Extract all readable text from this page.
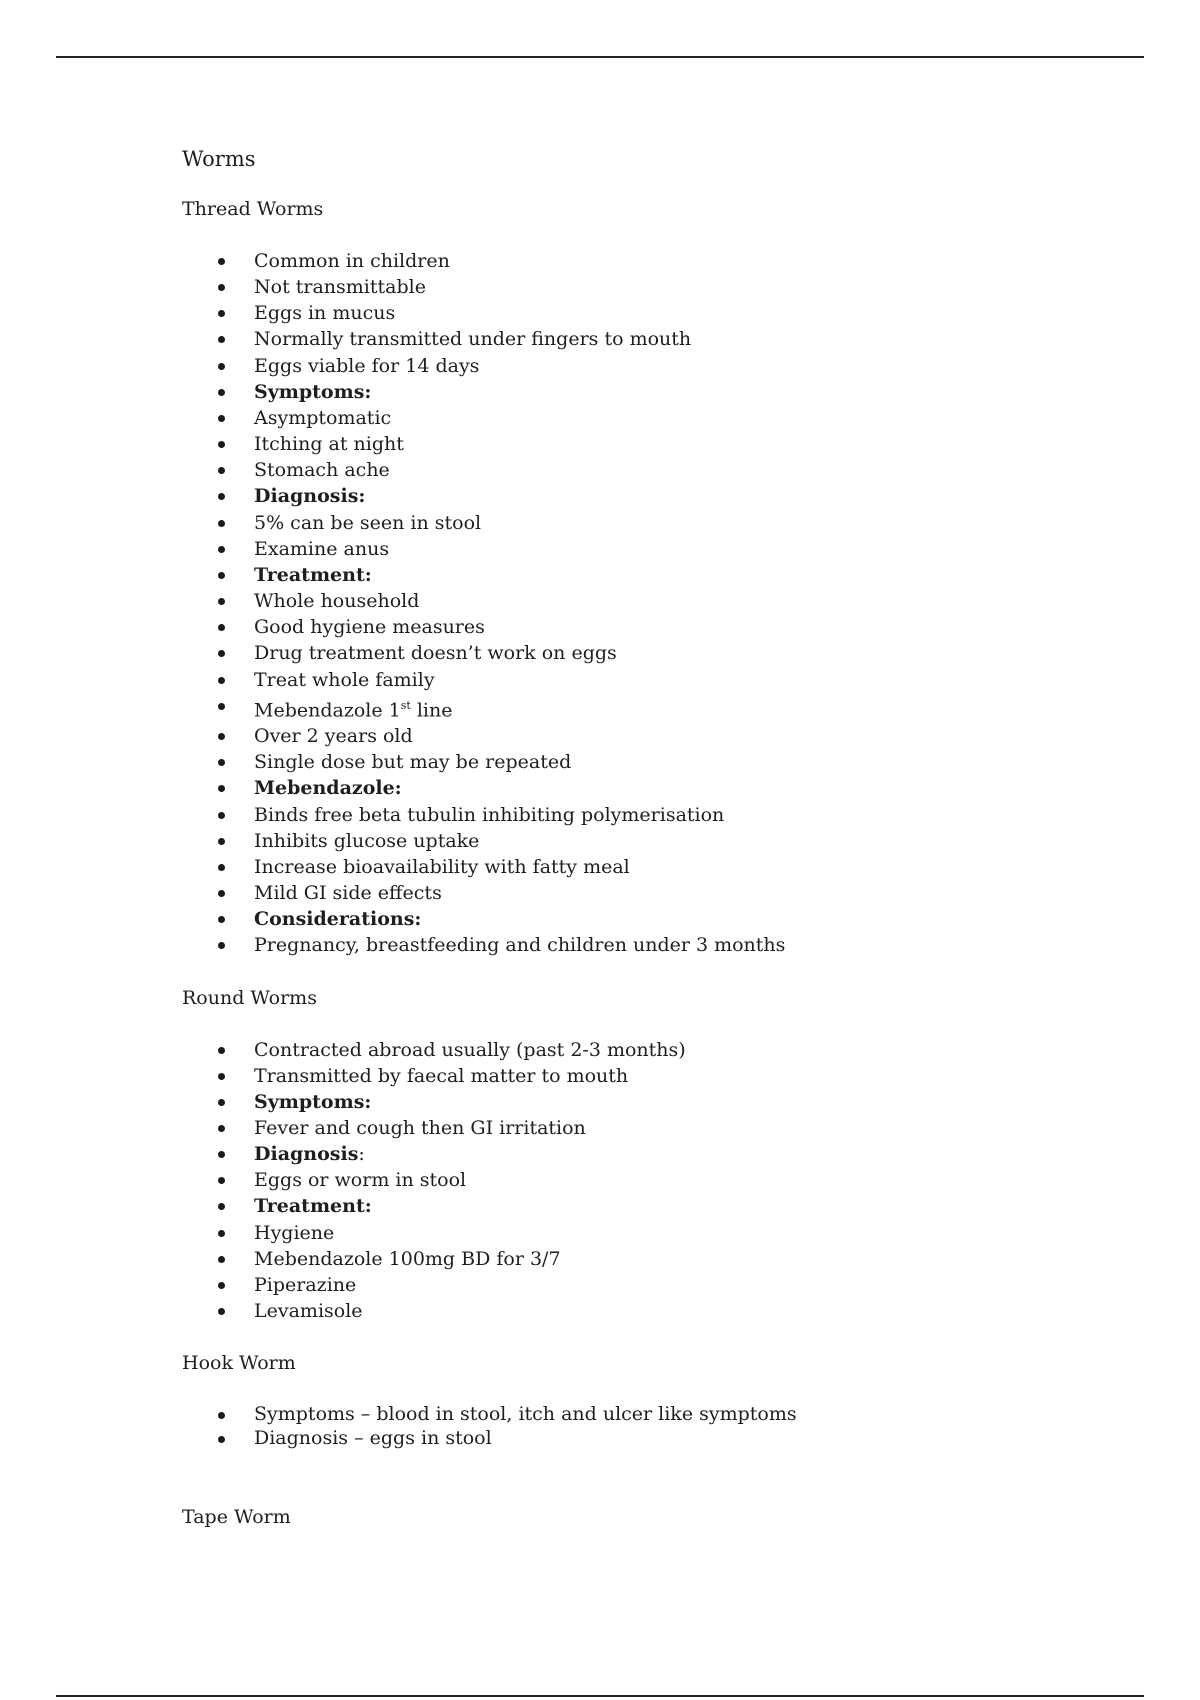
Worms
Thread Worms
Common in children
Not transmittable
Eggs in mucus
Normally transmitted under fingers to mouth
Eggs viable for 14 days
Symptoms:
Asymptomatic
Itching at night
Stomach ache
Diagnosis:
5% can be seen in stool
Examine anus
Treatment:
Whole household
Good hygiene measures
Drug treatment doesn’t work on eggs
Treat whole family
Mebendazole 1st line
Over 2 years old
Single dose but may be repeated
Mebendazole:
Binds free beta tubulin inhibiting polymerisation
Inhibits glucose uptake
Increase bioavailability with fatty meal
Mild GI side effects
Considerations:
Pregnancy, breastfeeding and children under 3 months
Round Worms
Contracted abroad usually (past 2-3 months)
Transmitted by faecal matter to mouth
Symptoms:
Fever and cough then GI irritation
Diagnosis:
Eggs or worm in stool
Treatment:
Hygiene
Mebendazole 100mg BD for 3/7
Piperazine
Levamisole
Hook Worm
Symptoms – blood in stool, itch and ulcer like symptoms
Diagnosis – eggs in stool
Tape Worm
